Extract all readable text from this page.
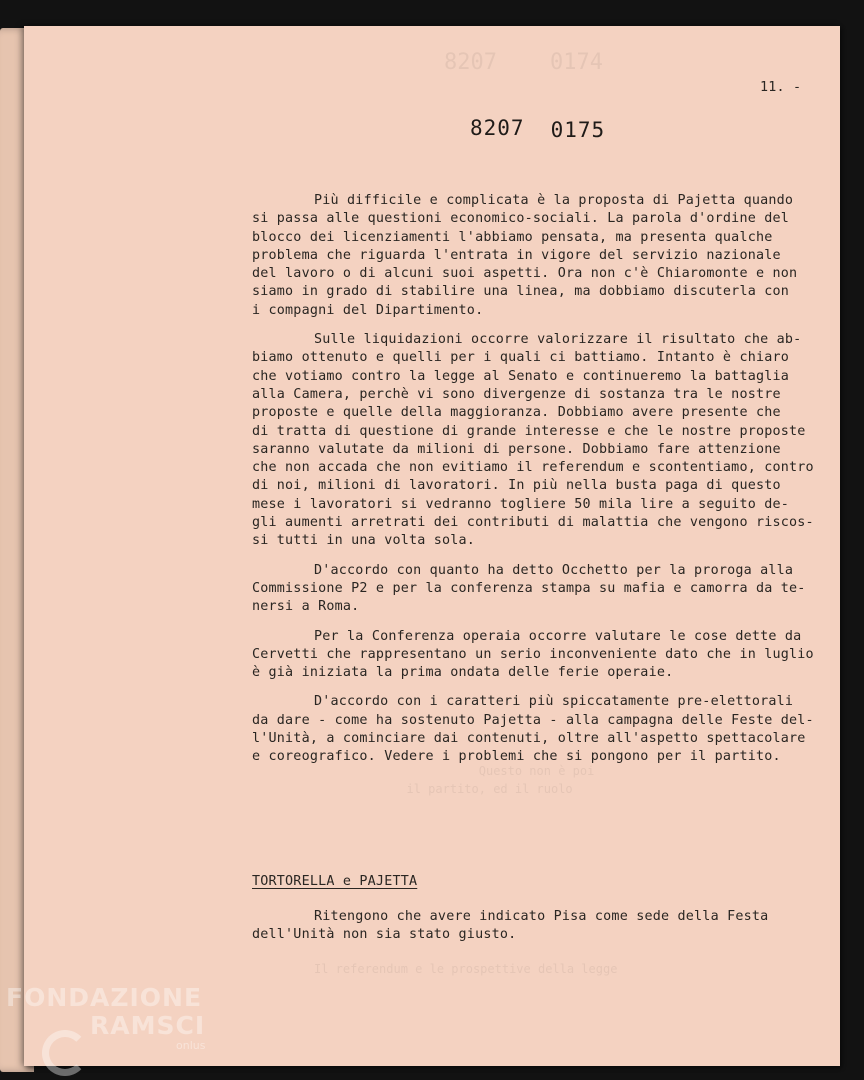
8207    0174
Questo non è poi
il partito, ed il ruolo

Il referendum e le prospettive della legge
11. -
8207 0175
Più difficile e complicata è la proposta di Pajetta quando
si passa alle questioni economico-sociali. La parola d'ordine del
blocco dei licenziamenti l'abbiamo pensata, ma presenta qualche
problema che riguarda l'entrata in vigore del servizio nazionale
del lavoro o di alcuni suoi aspetti. Ora non c'è Chiaromonte e non
siamo in grado di stabilire una linea, ma dobbiamo discuterla con
i compagni del Dipartimento.
Sulle liquidazioni occorre valorizzare il risultato che ab-
biamo ottenuto e quelli per i quali ci battiamo. Intanto è chiaro
che votiamo contro la legge al Senato e continueremo la battaglia
alla Camera, perchè vi sono divergenze di sostanza tra le nostre
proposte e quelle della maggioranza. Dobbiamo avere presente che
di tratta di questione di grande interesse e che le nostre proposte
saranno valutate da milioni di persone. Dobbiamo fare attenzione
che non accada che non evitiamo il referendum e scontentiamo, contro
di noi, milioni di lavoratori. In più nella busta paga di questo
mese i lavoratori si vedranno togliere 50 mila lire a seguito de-
gli aumenti arretrati dei contributi di malattia che vengono riscos-
si tutti in una volta sola.
D'accordo con quanto ha detto Occhetto per la proroga alla
Commissione P2 e per la conferenza stampa su mafia e camorra da te-
nersi a Roma.
Per la Conferenza operaia occorre valutare le cose dette da
Cervetti che rappresentano un serio inconveniente dato che in luglio
è già iniziata la prima ondata delle ferie operaie.
D'accordo con i caratteri più spiccatamente pre-elettorali
da dare - come ha sostenuto Pajetta - alla campagna delle Feste del-
l'Unità, a cominciare dai contenuti, oltre all'aspetto spettacolare
e coreografico. Vedere i problemi che si pongono per il partito.
TORTORELLA e PAJETTA
Ritengono che avere indicato Pisa come sede della Festa
dell'Unità non sia stato giusto.
FONDAZIONE
RAMSCI
onlus
